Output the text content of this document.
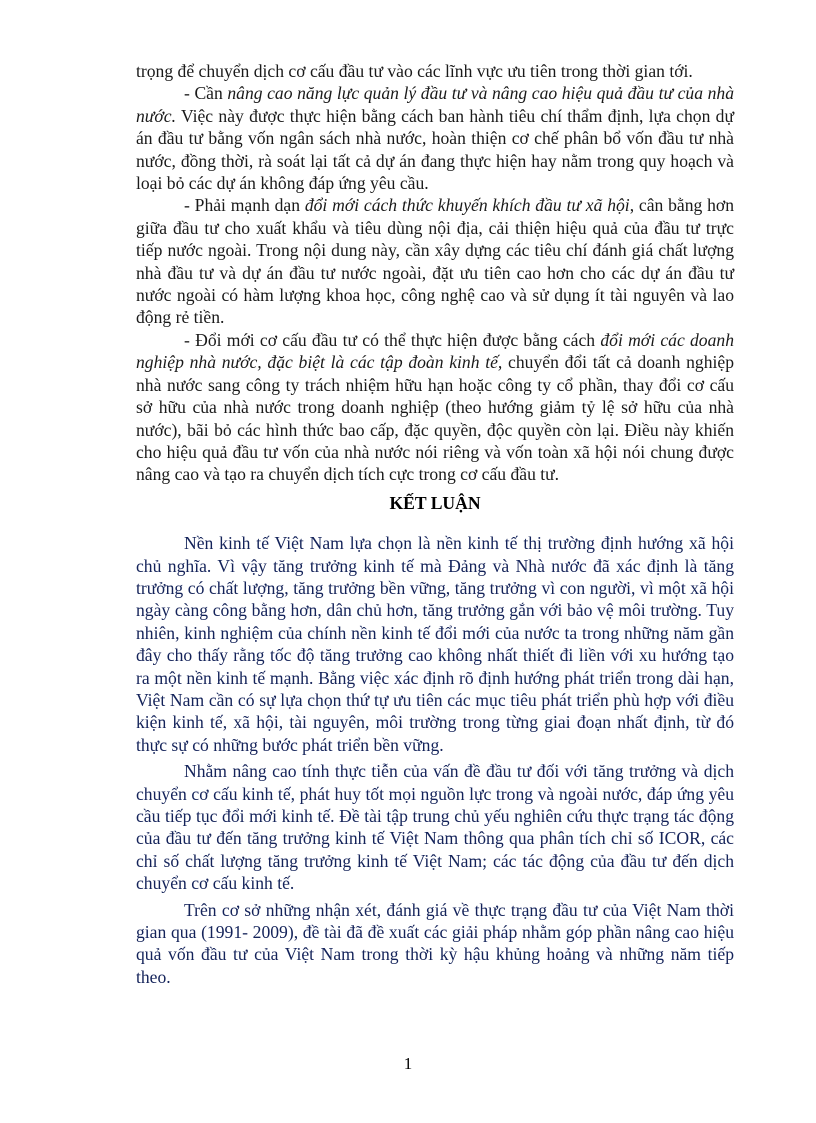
trọng để chuyển dịch cơ cấu đầu tư vào các lĩnh vực ưu tiên trong thời gian tới.

- Cần nâng cao năng lực quản lý đầu tư và nâng cao hiệu quả đầu tư của nhà nước. Việc này được thực hiện bằng cách ban hành tiêu chí thẩm định, lựa chọn dự án đầu tư bằng vốn ngân sách nhà nước, hoàn thiện cơ chế phân bổ vốn đầu tư nhà nước, đồng thời, rà soát lại tất cả dự án đang thực hiện hay nằm trong quy hoạch và loại bỏ các dự án không đáp ứng yêu cầu.

- Phải mạnh dạn đổi mới cách thức khuyến khích đầu tư xã hội, cân bằng hơn giữa đầu tư cho xuất khẩu và tiêu dùng nội địa, cải thiện hiệu quả của đầu tư trực tiếp nước ngoài. Trong nội dung này, cần xây dựng các tiêu chí đánh giá chất lượng nhà đầu tư và dự án đầu tư nước ngoài, đặt ưu tiên cao hơn cho các dự án đầu tư nước ngoài có hàm lượng khoa học, công nghệ cao và sử dụng ít tài nguyên và lao động rẻ tiền.

- Đổi mới cơ cấu đầu tư có thể thực hiện được bằng cách đổi mới các doanh nghiệp nhà nước, đặc biệt là các tập đoàn kinh tế, chuyển đổi tất cả doanh nghiệp nhà nước sang công ty trách nhiệm hữu hạn hoặc công ty cổ phần, thay đổi cơ cấu sở hữu của nhà nước trong doanh nghiệp (theo hướng giảm tỷ lệ sở hữu của nhà nước), bãi bỏ các hình thức bao cấp, đặc quyền, độc quyền còn lại. Điều này khiến cho hiệu quả đầu tư vốn của nhà nước nói riêng và vốn toàn xã hội nói chung được nâng cao và tạo ra chuyển dịch tích cực trong cơ cấu đầu tư.

KẾT LUẬN

Nền kinh tế Việt Nam lựa chọn là nền kinh tế thị trường định hướng xã hội chủ nghĩa. Vì vậy tăng trưởng kinh tế mà Đảng và Nhà nước đã xác định là tăng trưởng có chất lượng, tăng trưởng bền vững, tăng trưởng vì con người, vì một xã hội ngày càng công bằng hơn, dân chủ hơn, tăng trưởng gắn với bảo vệ môi trường. Tuy nhiên, kinh nghiệm của chính nền kinh tế đổi mới của nước ta trong những năm gần đây cho thấy rằng tốc độ tăng trưởng cao không nhất thiết đi liền với xu hướng tạo ra một nền kinh tế mạnh. Bằng việc xác định rõ định hướng phát triển trong dài hạn, Việt Nam cần có sự lựa chọn thứ tự ưu tiên các mục tiêu phát triển phù hợp với điều kiện kinh tế, xã hội, tài nguyên, môi trường trong từng giai đoạn nhất định, từ đó thực sự có những bước phát triển bền vững.

Nhằm nâng cao tính thực tiễn của vấn đề đầu tư đối với tăng trưởng và dịch chuyển cơ cấu kinh tế, phát huy tốt mọi nguồn lực trong và ngoài nước, đáp ứng yêu cầu tiếp tục đổi mới kinh tế. Đề tài tập trung chủ yếu nghiên cứu thực trạng tác động của đầu tư đến tăng trưởng kinh tế Việt Nam thông qua phân tích chỉ số ICOR, các chỉ số chất lượng tăng trưởng kinh tế Việt Nam; các tác động của đầu tư đến dịch chuyển cơ cấu kinh tế.

Trên cơ sở những nhận xét, đánh giá về thực trạng đầu tư của Việt Nam thời gian qua (1991- 2009), đề tài đã đề xuất các giải pháp nhằm góp phần nâng cao hiệu quả vốn đầu tư của Việt Nam trong thời kỳ hậu khủng hoảng và những năm tiếp theo.

1
